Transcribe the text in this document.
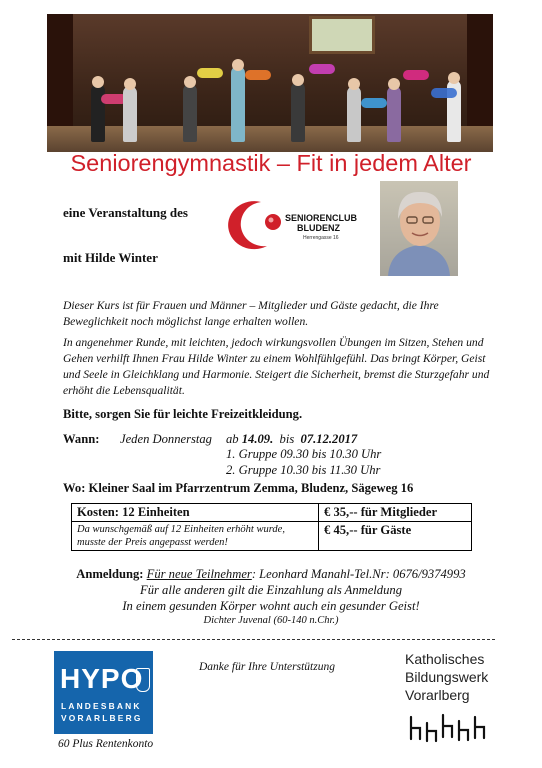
Seniorengymnastik – Fit in jedem Alter
eine Veranstaltung des	SENIORENCLUB
BLUDENZ
Herrengasse 16
mit Hilde Winter
Dieser Kurs ist für Frauen und Männer – Mitglieder und Gäste gedacht, die Ihre Beweglichkeit noch möglichst lange erhalten wollen.
In angenehmer Runde, mit leichten, jedoch wirkungsvollen Übungen im Sitzen, Stehen und Gehen verhilft Ihnen Frau Hilde Winter zu einem Wohlfühlgefühl. Das bringt Körper, Geist und Seele in Gleichklang und Harmonie. Steigert die Sicherheit, bremst die Sturzgefahr und erhöht die Lebensqualität.
Bitte, sorgen Sie für leichte Freizeitkleidung.
Wann: Jeden Donnerstag ab 14.09. bis 07.12.2017
1. Gruppe 09.30 bis 10.30 Uhr
2. Gruppe 10.30 bis 11.30 Uhr
Wo: Kleiner Saal im Pfarrzentrum Zemma, Bludenz, Sägeweg 16
Kosten: 12 Einheiten	€ 35,-- für Mitglieder
Da wunschgemäß auf 12 Einheiten erhöht wurde, musste der Preis angepasst werden!	€ 45,-- für Gäste
Anmeldung: Für neue Teilnehmer: Leonhard Manahl-Tel.Nr: 0676/9374993
Für alle anderen gilt die Einzahlung als Anmeldung
In einem gesunden Körper wohnt auch ein gesunder Geist!
Dichter Juvenal (60-140 n.Chr.)
HYPO
LANDESBANK
VORARLBERG
60 Plus Rentenkonto
Danke für Ihre Unterstützung	Katholisches
Bildungswerk
Vorarlberg
